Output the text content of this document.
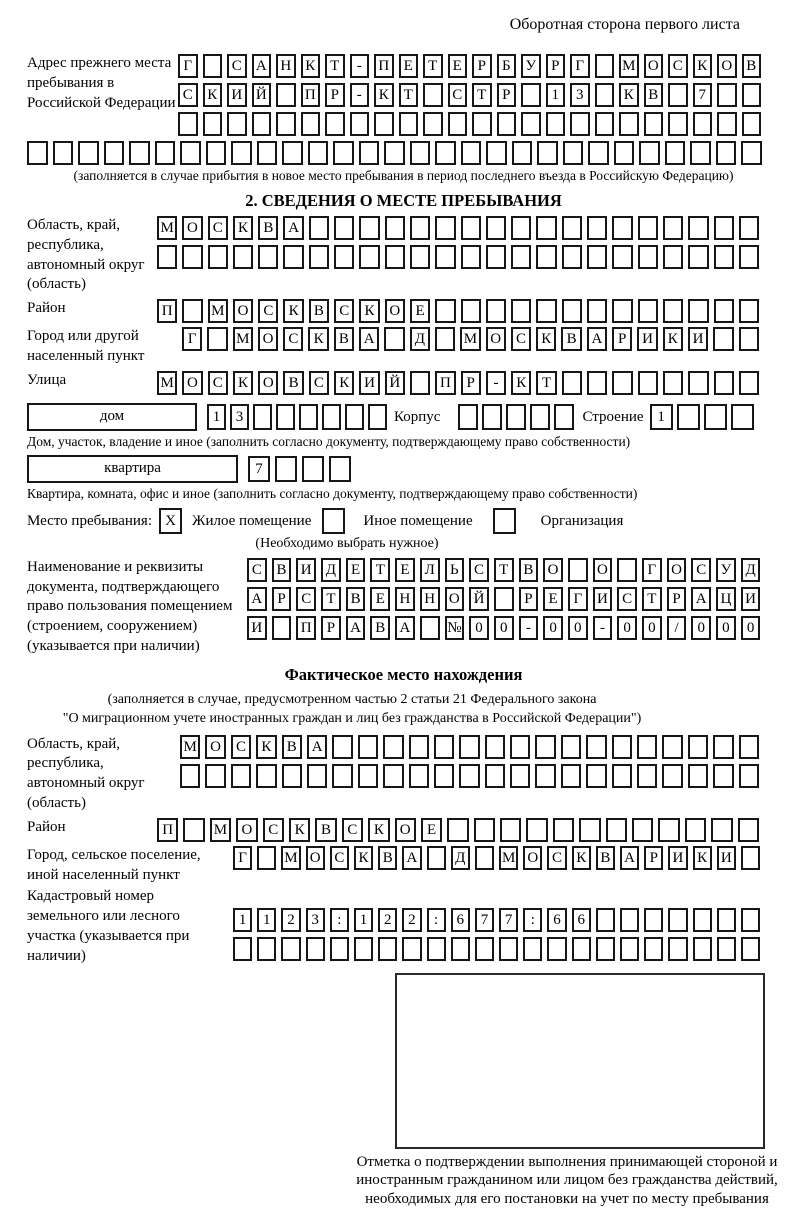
Оборотная сторона первого листа
Адрес прежнего места пребывания в Российской Федерации
Г	С А Н К Т	-	П Е	Т	Е	Р	Б У	Р	Г	М О С К О В
С К И Й	П Р	-	К Т	С Т	Р	1	3	К В	7
(заполняется в случае прибытия в новое место пребывания в период последнего въезда в Российскую Федерацию)
2. СВЕДЕНИЯ О МЕСТЕ ПРЕБЫВАНИЯ
Область, край, республика, автономный округ (область)
М О С	К	В А
Район	П	М О С	К	В	С	К О	Е
Город или другой населенный пункт
Г	М О С	К	В А	Д	М О С	К	В А	Р	И К И
Улица	М О С	К О В	С	К И Й	П	Р	-	К	Т
дом	1	3	Корпус	Строение 1
Дом, участок, владение и иное (заполнить согласно документу, подтверждающему право собственности)
квартира	7
Квартира, комната, офис и иное (заполнить согласно документу, подтверждающему право собственности)
Место пребывания: X	Жилое помещение	Иное помещение	Организация
(Необходимо выбрать нужное)
Наименование и реквизиты документа, подтверждающего право пользования помещением (строением, сооружением) (указывается при наличии)
С В И Д Е	Т	Е	Л	Ь	С	Т	В О	О	Г О С У Д
А	Р	С	Т	В	Е Н Н О Й	Р	Е	Г И С	Т	Р	А Ц И
И	П	Р	А В А № 0	0	-	0	0	-	0	0	/	0	0	0
Фактическое место нахождения
(заполняется в случае, предусмотренном частью 2 статьи 21 Федерального закона
"О миграционном учете иностранных граждан и лиц без гражданства в Российской Федерации")
Область, край, республика, автономный округ (область)
М О С	К	В А
Район	П	М О	С	К	В	С	К	О	Е
Город, сельское поселение, иной населенный пункт
Г	М О С К В А	Д М О С К В А Р И К И
Кадастровый номер земельного или лесного участка (указывается при наличии)
1	1	2	3	:	1	2	2	:	6	7	7	:	6	6
Отметка о подтверждении выполнения принимающей стороной и иностранным гражданином или лицом без гражданства действий, необходимых для его постановки на учет по месту пребывания
